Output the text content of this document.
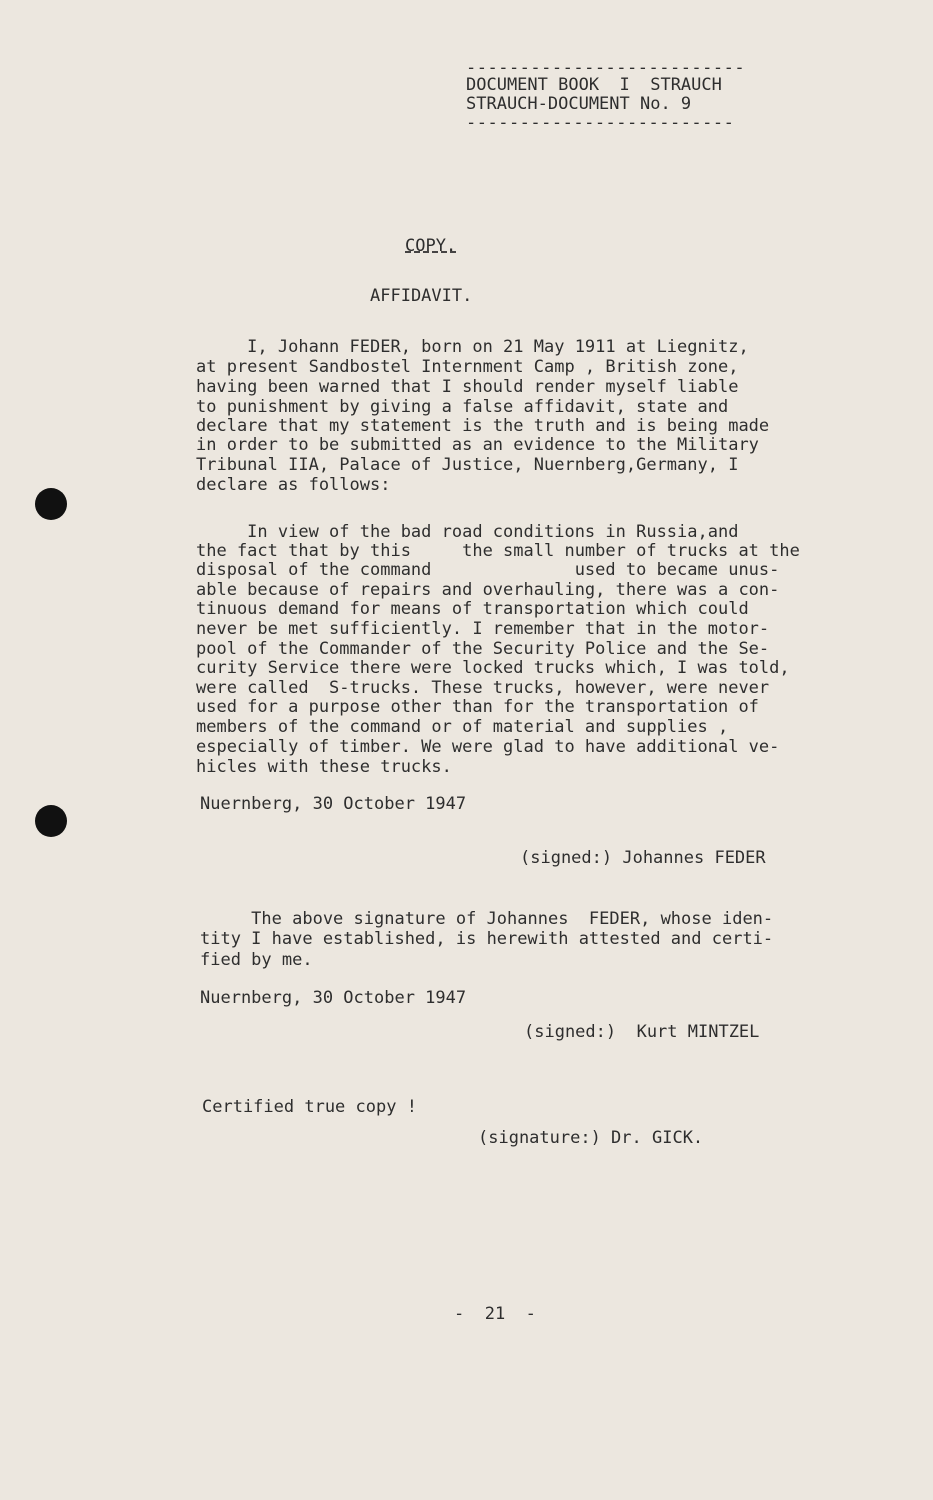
--------------------------
DOCUMENT BOOK  I  STRAUCH
STRAUCH-DOCUMENT No. 9
-------------------------
COPY.
AFFIDAVIT.
I, Johann FEDER, born on 21 May 1911 at Liegnitz,
at present Sandbostel Internment Camp , British zone,
having been warned that I should render myself liable
to punishment by giving a false affidavit, state and
declare that my statement is the truth and is being made
in order to be submitted as an evidence to the Military
Tribunal IIA, Palace of Justice, Nuernberg,Germany, I
declare as follows:
In view of the bad road conditions in Russia,and
the fact that by this     the small number of trucks at the
disposal of the command              used to became unus-
able because of repairs and overhauling, there was a con-
tinuous demand for means of transportation which could
never be met sufficiently. I remember that in the motor-
pool of the Commander of the Security Police and the Se-
curity Service there were locked trucks which, I was told,
were called  S-trucks. These trucks, however, were never
used for a purpose other than for the transportation of
members of the command or of material and supplies ,
especially of timber. We were glad to have additional ve-
hicles with these trucks.
Nuernberg, 30 October 1947
(signed:) Johannes FEDER
The above signature of Johannes  FEDER, whose iden-
tity I have established, is herewith attested and certi-
fied by me.
Nuernberg, 30 October 1947
(signed:)  Kurt MINTZEL
Certified true copy !
(signature:) Dr. GICK.
-  21  -
